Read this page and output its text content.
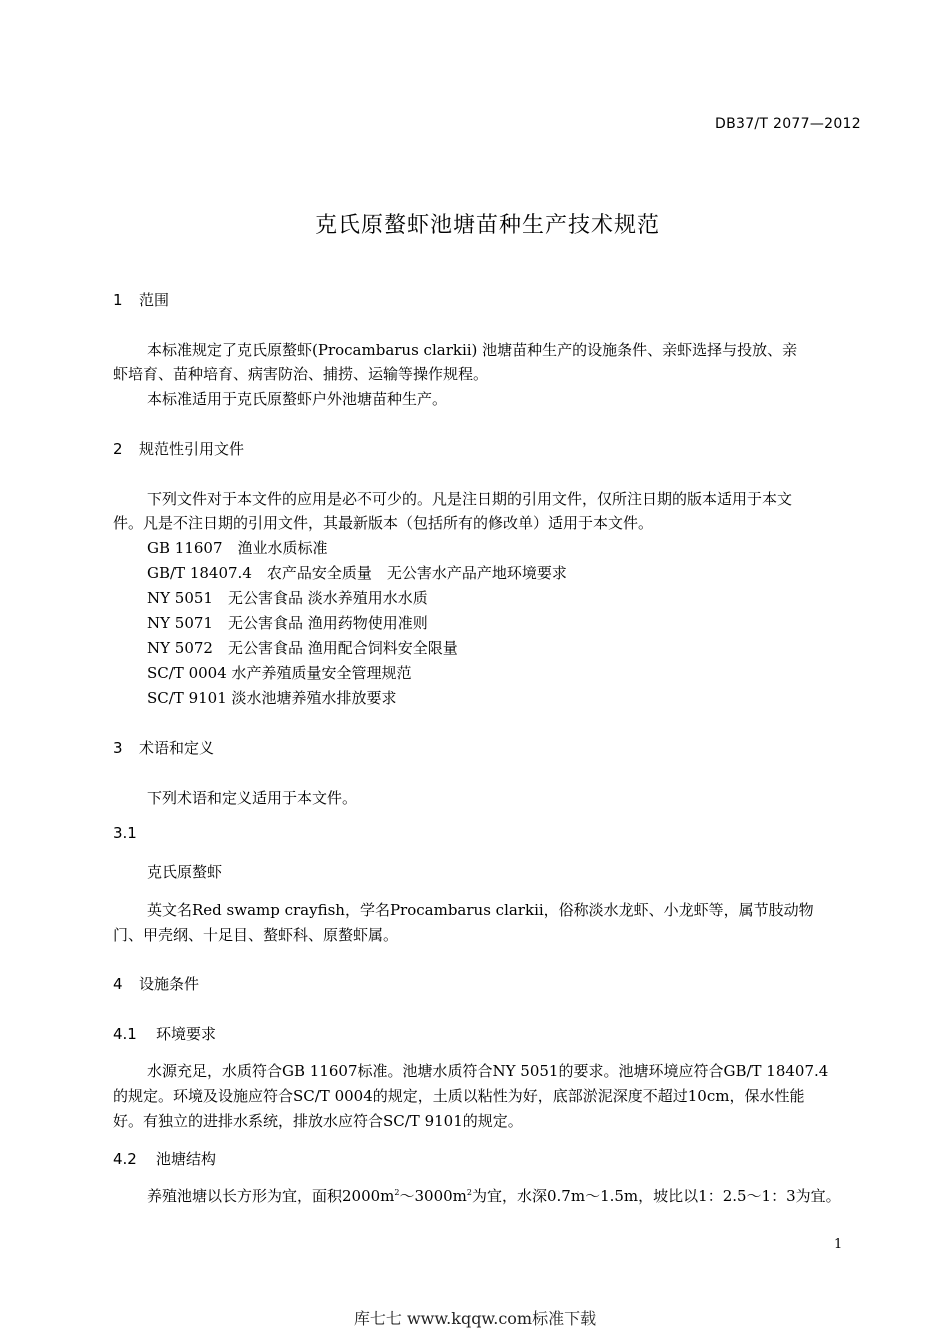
DB37/T 2077—2012
克氏原螯虾池塘苗种生产技术规范
1 范围
本标准规定了克氏原螯虾(Procambarus clarkii) 池塘苗种生产的设施条件、亲虾选择与投放、亲
虾培育、苗种培育、病害防治、捕捞、运输等操作规程。
本标准适用于克氏原螯虾户外池塘苗种生产。
2 规范性引用文件
下列文件对于本文件的应用是必不可少的。凡是注日期的引用文件，仅所注日期的版本适用于本文
件。凡是不注日期的引用文件，其最新版本（包括所有的修改单）适用于本文件。
GB 11607　渔业水质标准
GB/T 18407.4　农产品安全质量　无公害水产品产地环境要求
NY 5051　无公害食品 淡水养殖用水水质
NY 5071　无公害食品 渔用药物使用准则
NY 5072　无公害食品 渔用配合饲料安全限量
SC/T 0004 水产养殖质量安全管理规范
SC/T 9101 淡水池塘养殖水排放要求
3 术语和定义
下列术语和定义适用于本文件。
3.1
克氏原螯虾
英文名Red swamp crayfish，学名Procambarus clarkii，俗称淡水龙虾、小龙虾等，属节肢动物
门、甲壳纲、十足目、螯虾科、原螯虾属。
4 设施条件
4.1 环境要求
水源充足，水质符合GB 11607标准。池塘水质符合NY 5051的要求。池塘环境应符合GB/T 18407.4
的规定。环境及设施应符合SC/T 0004的规定，土质以粘性为好，底部淤泥深度不超过10cm，保水性能
好。有独立的进排水系统，排放水应符合SC/T 9101的规定。
4.2 池塘结构
养殖池塘以长方形为宜，面积$2000m^2\sim 3000m^2$为宜，水深0.7m～1.5m，坡比以1：2.5～1：3为宜。
1
库七七 www.kqqw.com标准下载
